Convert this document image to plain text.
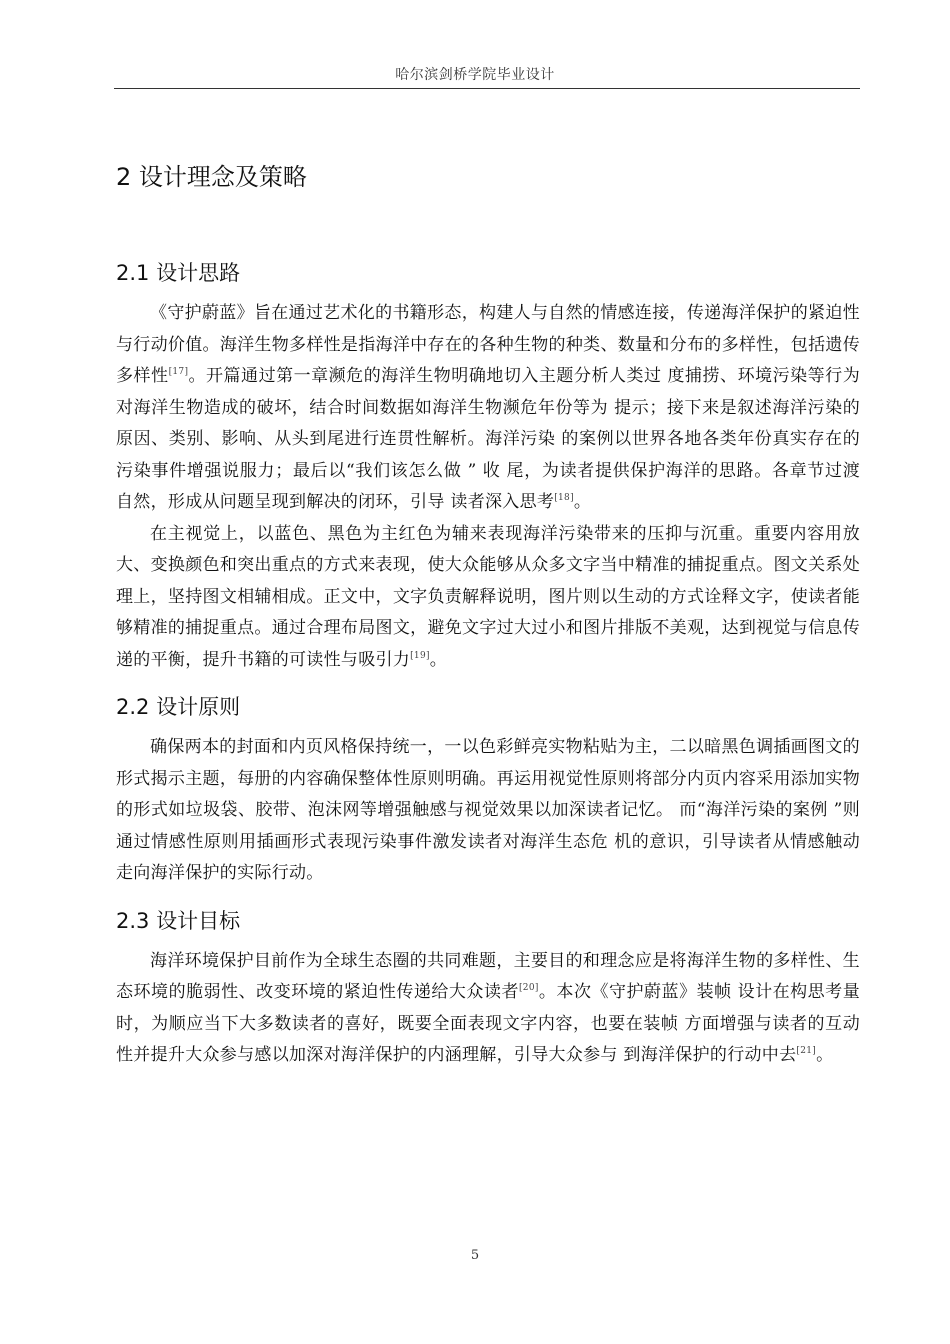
哈尔滨剑桥学院毕业设计
2 设计理念及策略
2.1 设计思路

《守护蔚蓝》旨在通过艺术化的书籍形态，构建人与自然的情感连接，传递海洋保护的紧迫性与行动价值。海洋生物多样性是指海洋中存在的各种生物的种类、数量和分布的多样性，包括遗传多样性[17]。开篇通过第一章濒危的海洋生物明确地切入主题分析人类过 度捕捞、环境污染等行为对海洋生物造成的破坏，结合时间数据如海洋生物濒危年份等为 提示；接下来是叙述海洋污染的原因、类别、影响、从头到尾进行连贯性解析。海洋污染 的案例以世界各地各类年份真实存在的污染事件增强说服力；最后以“我们该怎么做 ” 收 尾，为读者提供保护海洋的思路。各章节过渡自然，形成从问题呈现到解决的闭环，引导 读者深入思考[18]。

在主视觉上，以蓝色、黑色为主红色为辅来表现海洋污染带来的压抑与沉重。重要内容用放大、变换颜色和突出重点的方式来表现，使大众能够从众多文字当中精准的捕捉重点。图文关系处理上，坚持图文相辅相成。正文中，文字负责解释说明，图片则以生动的方式诠释文字，使读者能够精准的捕捉重点。通过合理布局图文，避免文字过大过小和图片排版不美观，达到视觉与信息传递的平衡，提升书籍的可读性与吸引力[19]。

2.2 设计原则

确保两本的封面和内页风格保持统一，一以色彩鲜亮实物粘贴为主，二以暗黑色调插画图文的形式揭示主题，每册的内容确保整体性原则明确。再运用视觉性原则将部分内页内容采用添加实物的形式如垃圾袋、胶带、泡沫网等增强触感与视觉效果以加深读者记忆。 而“海洋污染的案例 ”则通过情感性原则用插画形式表现污染事件激发读者对海洋生态危 机的意识，引导读者从情感触动走向海洋保护的实际行动。

2.3 设计目标

海洋环境保护目前作为全球生态圈的共同难题，主要目的和理念应是将海洋生物的多样性、生态环境的脆弱性、改变环境的紧迫性传递给大众读者[20]。本次《守护蔚蓝》装帧 设计在构思考量时，为顺应当下大多数读者的喜好，既要全面表现文字内容，也要在装帧 方面增强与读者的互动性并提升大众参与感以加深对海洋保护的内涵理解，引导大众参与 到海洋保护的行动中去[21]。

5
